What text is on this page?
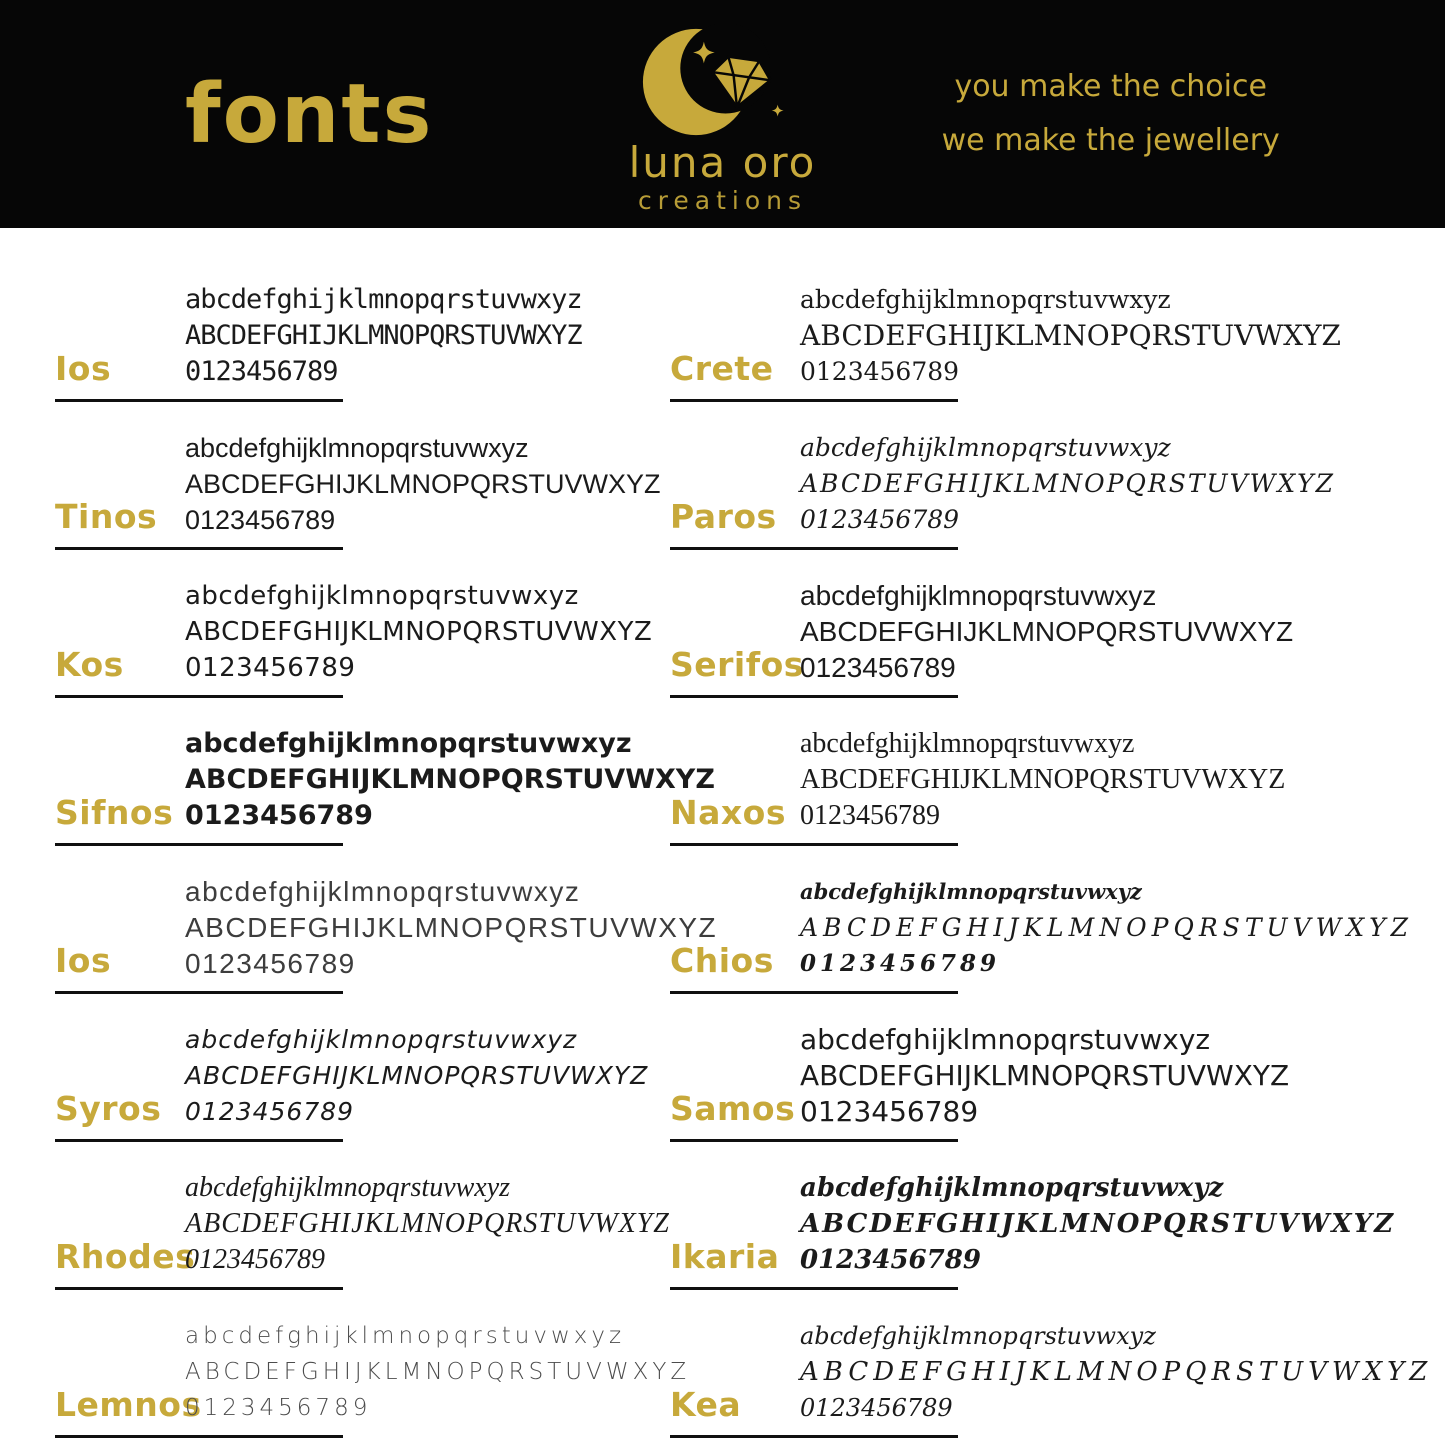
fonts
luna oro
creations
you make the choice
we make the jewellery
Ios
abcdefghijklmnopqrstuvwxyz
ABCDEFGHIJKLMNOPQRSTUVWXYZ
0123456789	Crete
abcdefghijklmnopqrstuvwxyz
ABCDEFGHIJKLMNOPQRSTUVWXYZ
0123456789
Tinos
abcdefghijklmnopqrstuvwxyz
ABCDEFGHIJKLMNOPQRSTUVWXYZ
0123456789	Paros
abcdefghijklmnopqrstuvwxyz
ABCDEFGHIJKLMNOPQRSTUVWXYZ
0123456789
Kos
abcdefghijklmnopqrstuvwxyz
ABCDEFGHIJKLMNOPQRSTUVWXYZ
0123456789	Serifos
abcdefghijklmnopqrstuvwxyz
ABCDEFGHIJKLMNOPQRSTUVWXYZ
0123456789
Sifnos
abcdefghijklmnopqrstuvwxyz
ABCDEFGHIJKLMNOPQRSTUVWXYZ
0123456789	Naxos
abcdefghijklmnopqrstuvwxyz
ABCDEFGHIJKLMNOPQRSTUVWXYZ
0123456789
Ios
abcdefghijklmnopqrstuvwxyz
ABCDEFGHIJKLMNOPQRSTUVWXYZ
0123456789	Chios
abcdefghijklmnopqrstuvwxyz
ABCDEFGHIJKLMNOPQRSTUVWXYZ
0123456789
Syros
abcdefghijklmnopqrstuvwxyz
ABCDEFGHIJKLMNOPQRSTUVWXYZ
0123456789	Samos
abcdefghijklmnopqrstuvwxyz
ABCDEFGHIJKLMNOPQRSTUVWXYZ
0123456789
Rhodes
abcdefghijklmnopqrstuvwxyz
ABCDEFGHIJKLMNOPQRSTUVWXYZ
0123456789	Ikaria
abcdefghijklmnopqrstuvwxyz
ABCDEFGHIJKLMNOPQRSTUVWXYZ
0123456789
Lemnos
abcdefghijklmnopqrstuvwxyz
ABCDEFGHIJKLMNOPQRSTUVWXYZ
0123456789	Kea
abcdefghijklmnopqrstuvwxyz
ABCDEFGHIJKLMNOPQRSTUVWXYZ
0123456789
